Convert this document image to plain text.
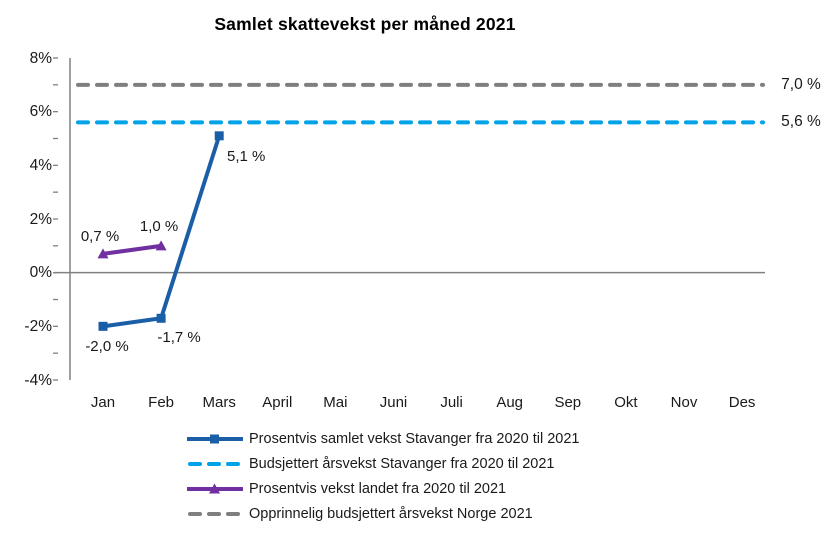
Samlet skattevekst per måned 2021
8%
6%
4%
2%
0%
-2%
-4%
Jan	Feb	Mars	April	Mai	Juni	Juli	Aug	Sep	Okt	Nov	Des
-2,0 %
-1,7 %
5,1 %
0,7 %
1,0 %
5,6 %
7,0 %
Prosentvis samlet vekst Stavanger fra 2020 til 2021
Budsjettert årsvekst Stavanger fra 2020 til 2021
Prosentvis vekst landet fra 2020 til 2021
Opprinnelig budsjettert årsvekst Norge 2021
